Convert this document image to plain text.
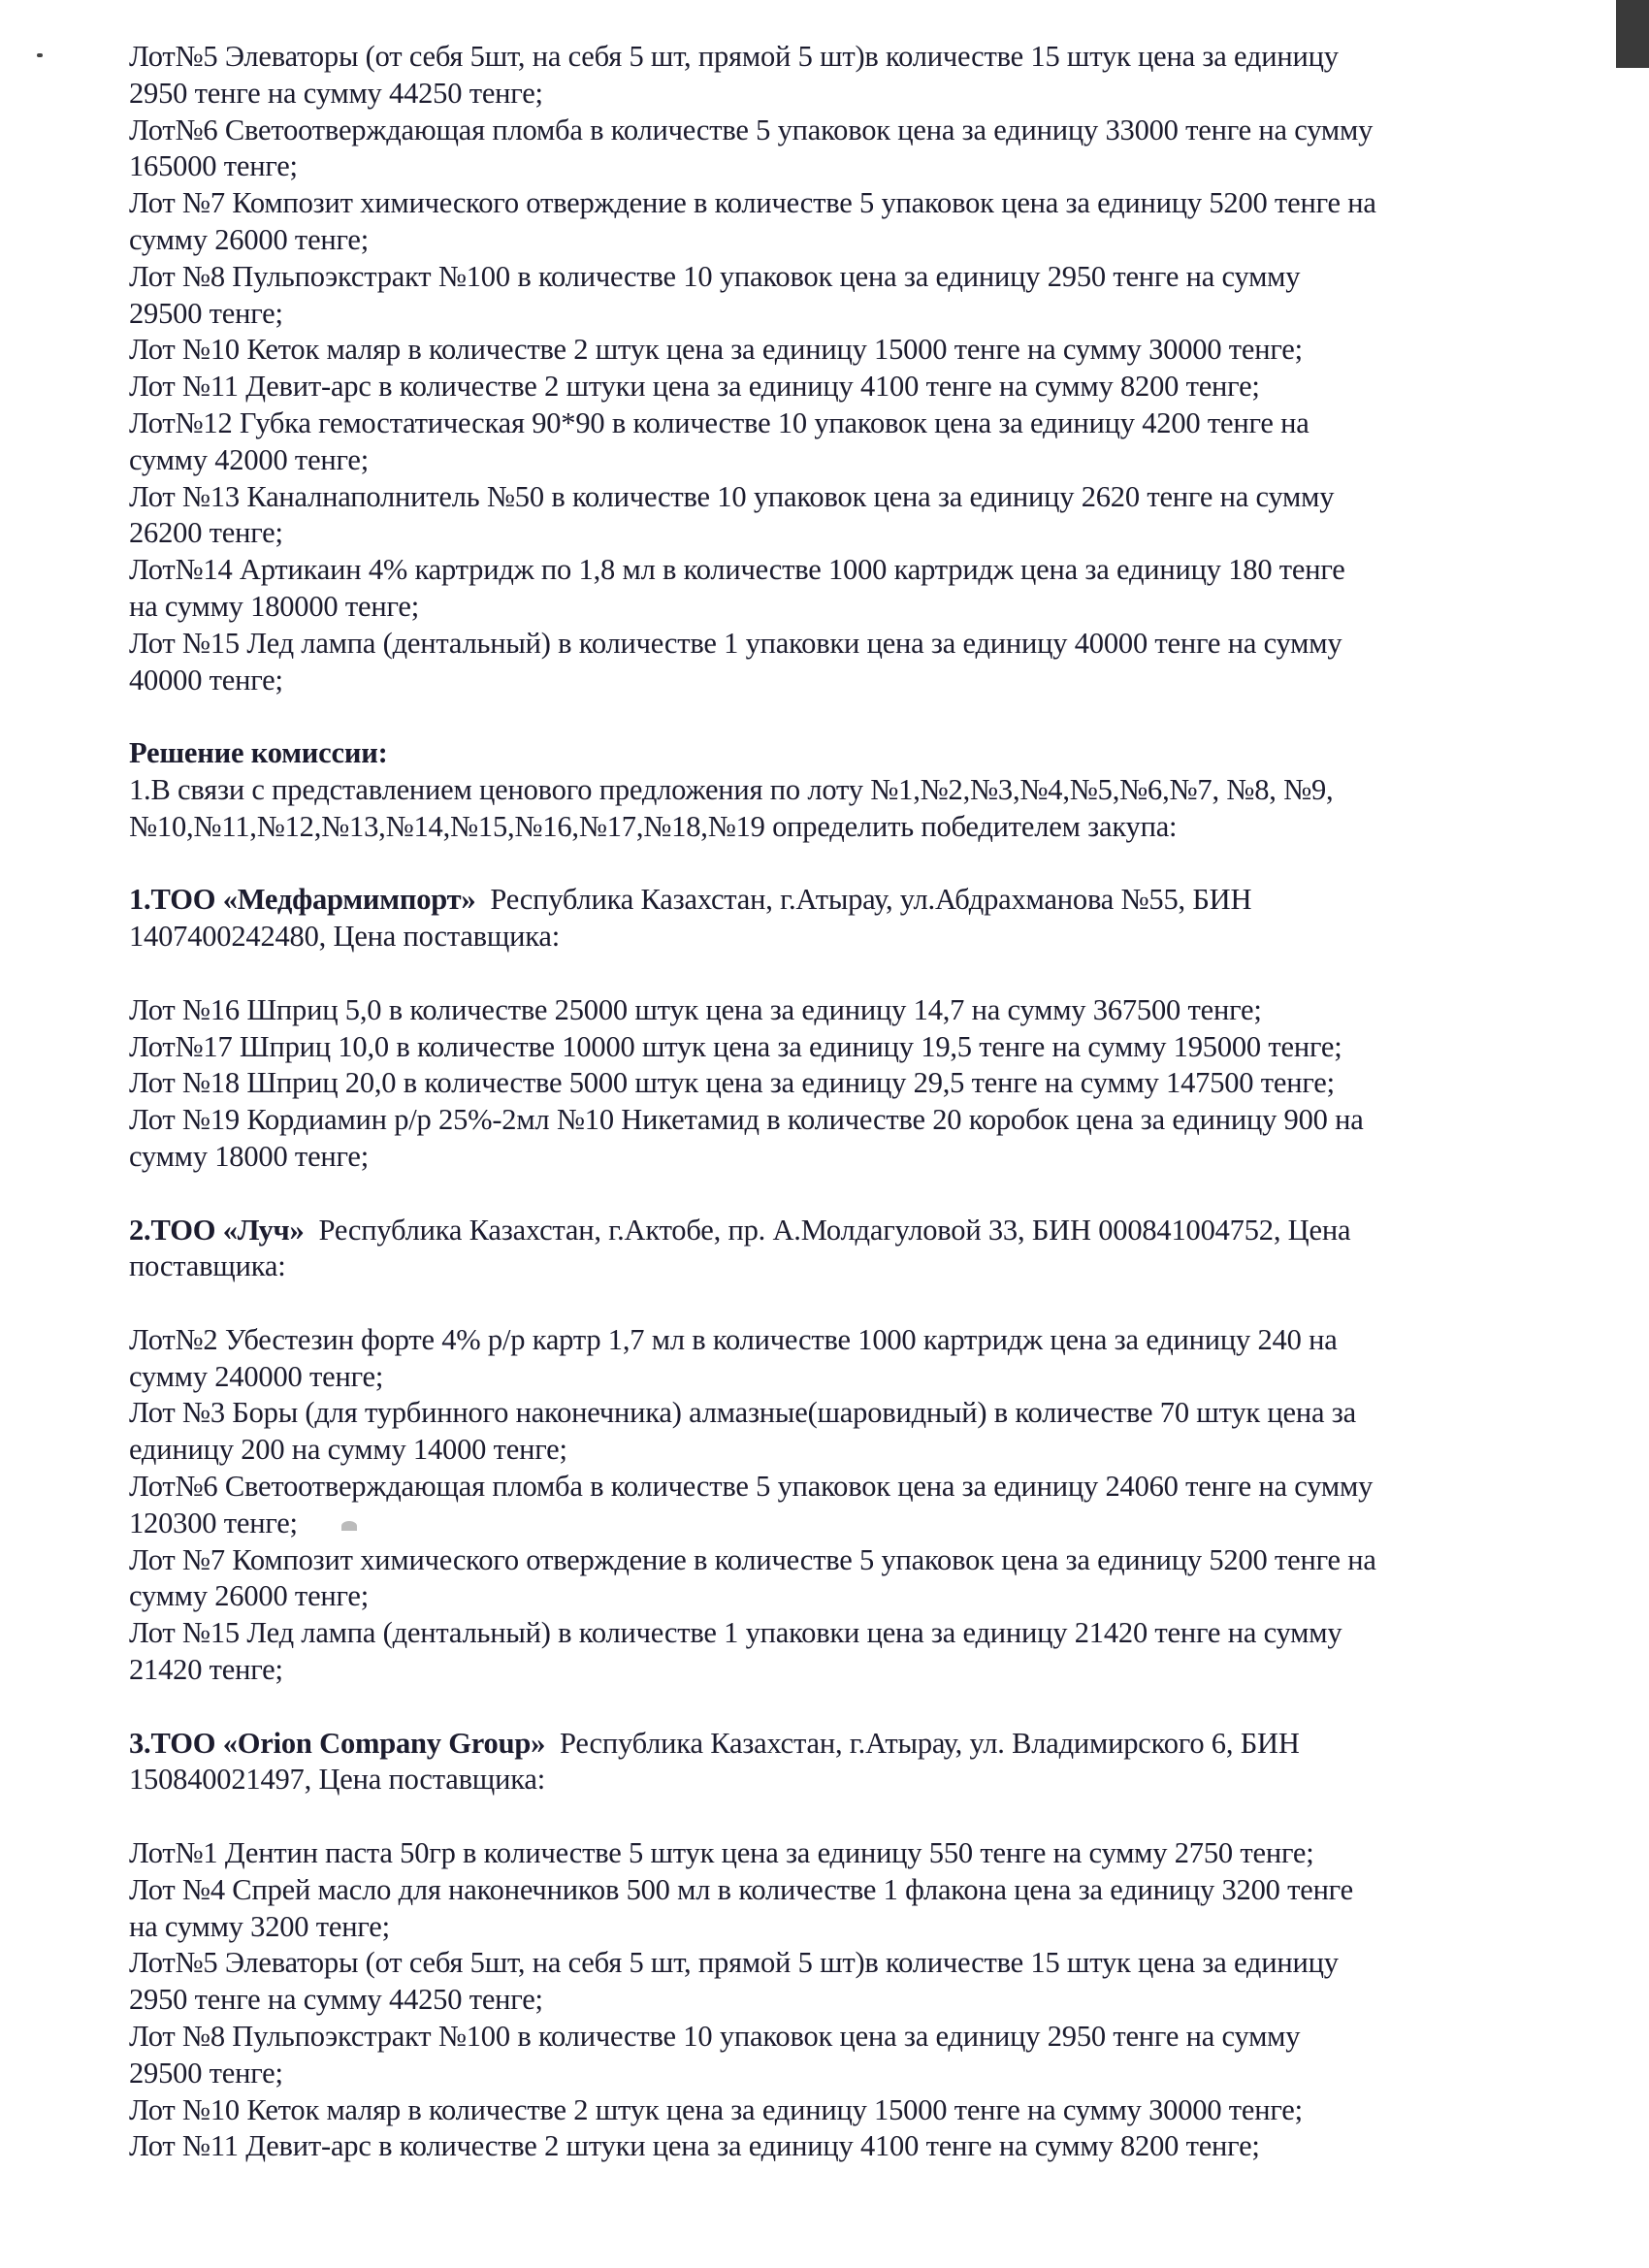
Лот№5 Элеваторы (от себя 5шт, на себя 5 шт, прямой 5 шт)в количестве 15 штук цена за единицу
2950 тенге на сумму 44250 тенге;
Лот№6 Светоотверждающая пломба в количестве 5 упаковок цена за единицу 33000 тенге на сумму
165000 тенге;
Лот №7 Композит химического отверждение в количестве 5 упаковок цена за единицу 5200 тенге на
сумму 26000 тенге;
Лот №8 Пульпоэкстракт №100 в количестве 10 упаковок цена за единицу 2950 тенге на сумму
29500 тенге;
Лот №10 Кеток маляр в количестве 2 штук цена за единицу 15000 тенге на сумму 30000 тенге;
Лот №11 Девит-арс в количестве 2 штуки цена за единицу 4100 тенге на сумму 8200 тенге;
Лот№12 Губка гемостатическая 90*90 в количестве 10 упаковок цена за единицу 4200 тенге на
сумму 42000 тенге;
Лот №13 Каналнаполнитель №50 в количестве 10 упаковок цена за единицу 2620 тенге на сумму
26200 тенге;
Лот№14 Артикаин 4% картридж по 1,8 мл в количестве 1000 картридж цена за единицу 180 тенге
на сумму 180000 тенге;
Лот №15 Лед лампа (дентальный) в количестве 1 упаковки цена за единицу 40000 тенге на сумму
40000 тенге;
Решение комиссии:
1.В связи с представлением ценового предложения по лоту №1,№2,№3,№4,№5,№6,№7, №8, №9,
№10,№11,№12,№13,№14,№15,№16,№17,№18,№19 определить победителем закупа:
1.ТОО «Медфармимпорт»  Республика Казахстан, г.Атырау, ул.Абдрахманова №55, БИН
1407400242480, Цена поставщика:
Лот №16 Шприц 5,0 в количестве 25000 штук цена за единицу 14,7 на сумму 367500 тенге;
Лот№17 Шприц 10,0 в количестве 10000 штук цена за единицу 19,5 тенге на сумму 195000 тенге;
Лот №18 Шприц 20,0 в количестве 5000 штук цена за единицу 29,5 тенге на сумму 147500 тенге;
Лот №19 Кордиамин р/р 25%-2мл №10 Никетамид в количестве 20 коробок цена за единицу 900 на
сумму 18000 тенге;
2.ТОО «Луч»  Республика Казахстан, г.Актобе, пр. А.Молдагуловой 33, БИН 000841004752, Цена
поставщика:
Лот№2 Убестезин форте 4% р/р картр 1,7 мл в количестве 1000 картридж цена за единицу 240 на
сумму 240000 тенге;
Лот №3 Боры (для турбинного наконечника) алмазные(шаровидный) в количестве 70 штук цена за
единицу 200 на сумму 14000 тенге;
Лот№6 Светоотверждающая пломба в количестве 5 упаковок цена за единицу 24060 тенге на сумму
120300 тенге;
Лот №7 Композит химического отверждение в количестве 5 упаковок цена за единицу 5200 тенге на
сумму 26000 тенге;
Лот №15 Лед лампа (дентальный) в количестве 1 упаковки цена за единицу 21420 тенге на сумму
21420 тенге;
3.ТОО «Orion Company Group»  Республика Казахстан, г.Атырау, ул. Владимирского 6, БИН
150840021497, Цена поставщика:
Лот№1 Дентин паста 50гр в количестве 5 штук цена за единицу 550 тенге на сумму 2750 тенге;
Лот №4 Спрей масло для наконечников 500 мл в количестве 1 флакона цена за единицу 3200 тенге
на сумму 3200 тенге;
Лот№5 Элеваторы (от себя 5шт, на себя 5 шт, прямой 5 шт)в количестве 15 штук цена за единицу
2950 тенге на сумму 44250 тенге;
Лот №8 Пульпоэкстракт №100 в количестве 10 упаковок цена за единицу 2950 тенге на сумму
29500 тенге;
Лот №10 Кеток маляр в количестве 2 штук цена за единицу 15000 тенге на сумму 30000 тенге;
Лот №11 Девит-арс в количестве 2 штуки цена за единицу 4100 тенге на сумму 8200 тенге;
